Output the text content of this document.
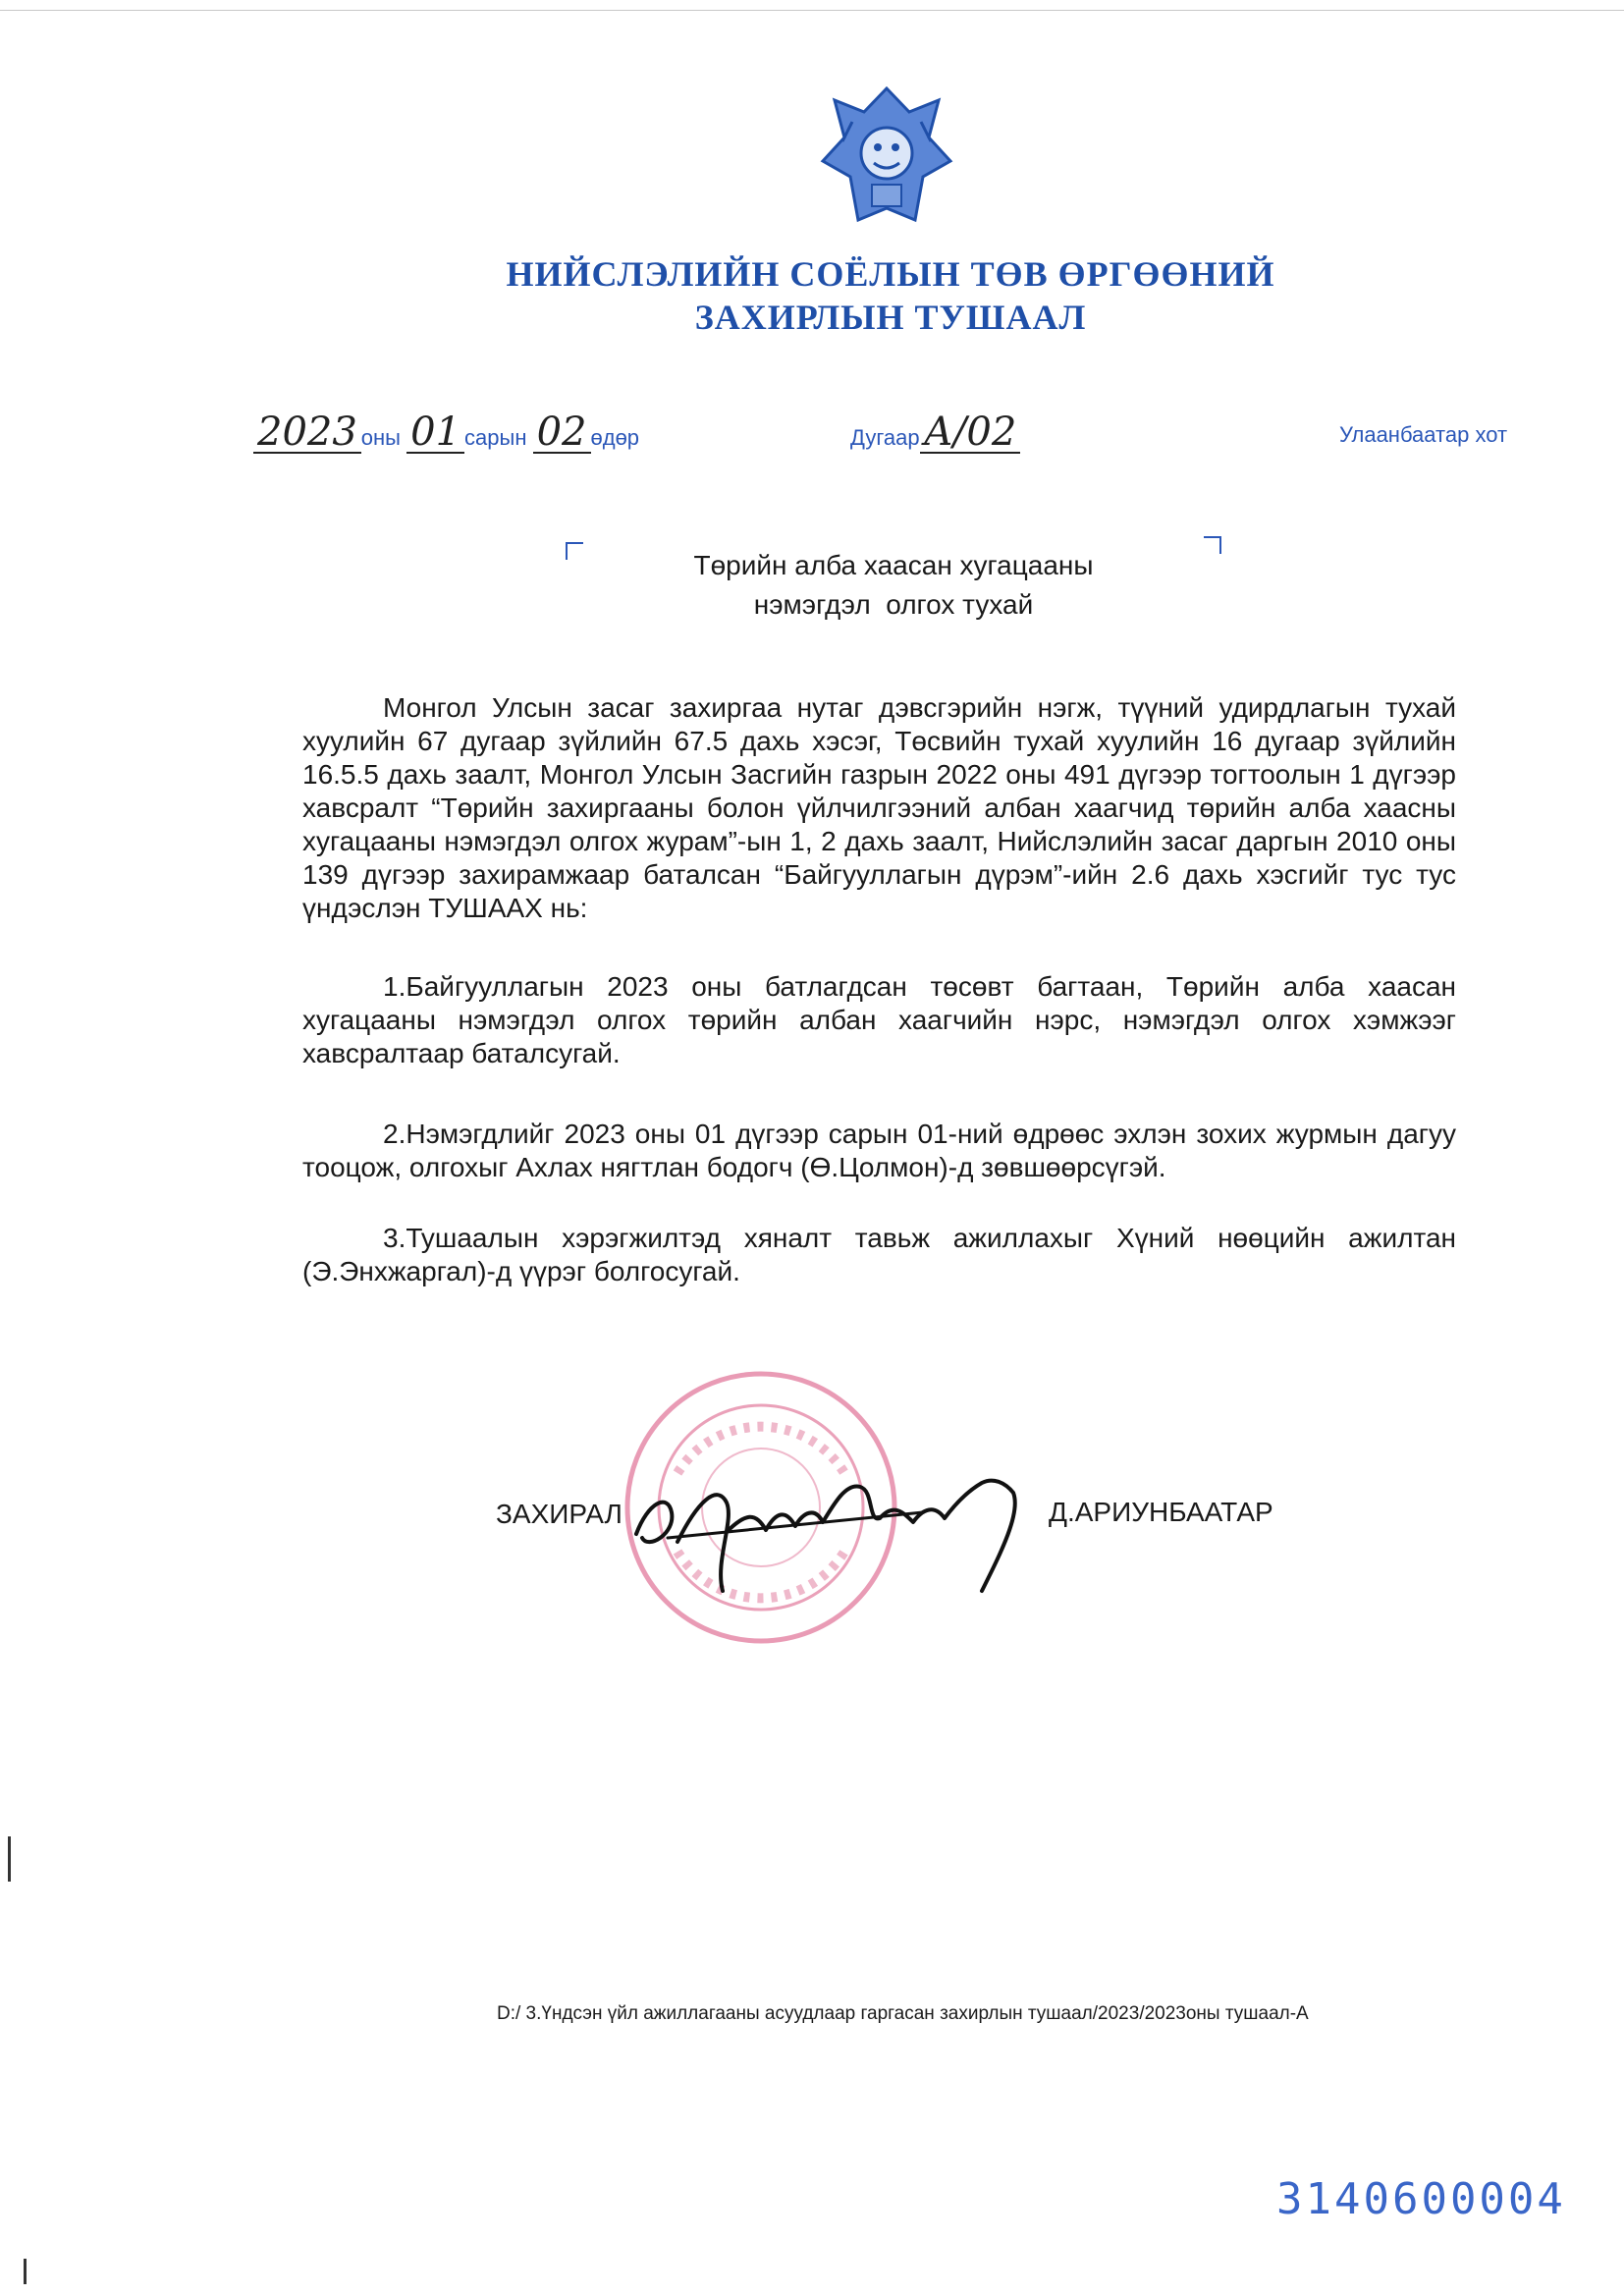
НИЙСЛЭЛИЙН СОЁЛЫН ТӨВ ӨРГӨӨНИЙ
ЗАХИРЛЫН ТУШААЛ
2023 оны 01 сарын 02 өдөр	Дугаар А/02	Улаанбаатар хот
Төрийн алба хаасан хугацааны
нэмэгдэл  олгох тухай
Монгол Улсын засаг захиргаа нутаг дэвсгэрийн нэгж, түүний удирдлагын тухай хуулийн 67 дугаар зүйлийн 67.5 дахь хэсэг, Төсвийн тухай хуулийн 16 дугаар зүйлийн 16.5.5 дахь заалт, Монгол Улсын Засгийн газрын 2022 оны 491 дүгээр тогтоолын 1 дүгээр хавсралт “Төрийн захиргааны болон үйлчилгээний албан хаагчид төрийн алба хаасны хугацааны нэмэгдэл олгох журам”-ын 1, 2 дахь заалт, Нийслэлийн засаг даргын 2010 оны 139 дүгээр захирамжаар баталсан “Байгууллагын дүрэм”-ийн 2.6 дахь хэсгийг тус тус үндэслэн ТУШААХ нь:
1.Байгууллагын 2023 оны батлагдсан төсөвт багтаан, Төрийн алба хаасан хугацааны нэмэгдэл олгох төрийн албан хаагчийн нэрс, нэмэгдэл олгох хэмжээг хавсралтаар баталсугай.
2.Нэмэгдлийг 2023 оны 01 дүгээр сарын 01-ний өдрөөс эхлэн зохих журмын дагуу тооцож, олгохыг Ахлах нягтлан бодогч (Ө.Цолмон)-д зөвшөөрсүгэй.
3.Тушаалын хэрэгжилтэд хяналт тавьж ажиллахыг Хүний нөөцийн ажилтан (Э.Энхжаргал)-д үүрэг болгосугай.
ЗАХИРАЛ	Д.АРИУНБААТАР
D:/ 3.Үндсэн үйл ажиллагааны асуудлаар гаргасан захирлын тушаал/2023/2023оны тушаал-А
3140600004
